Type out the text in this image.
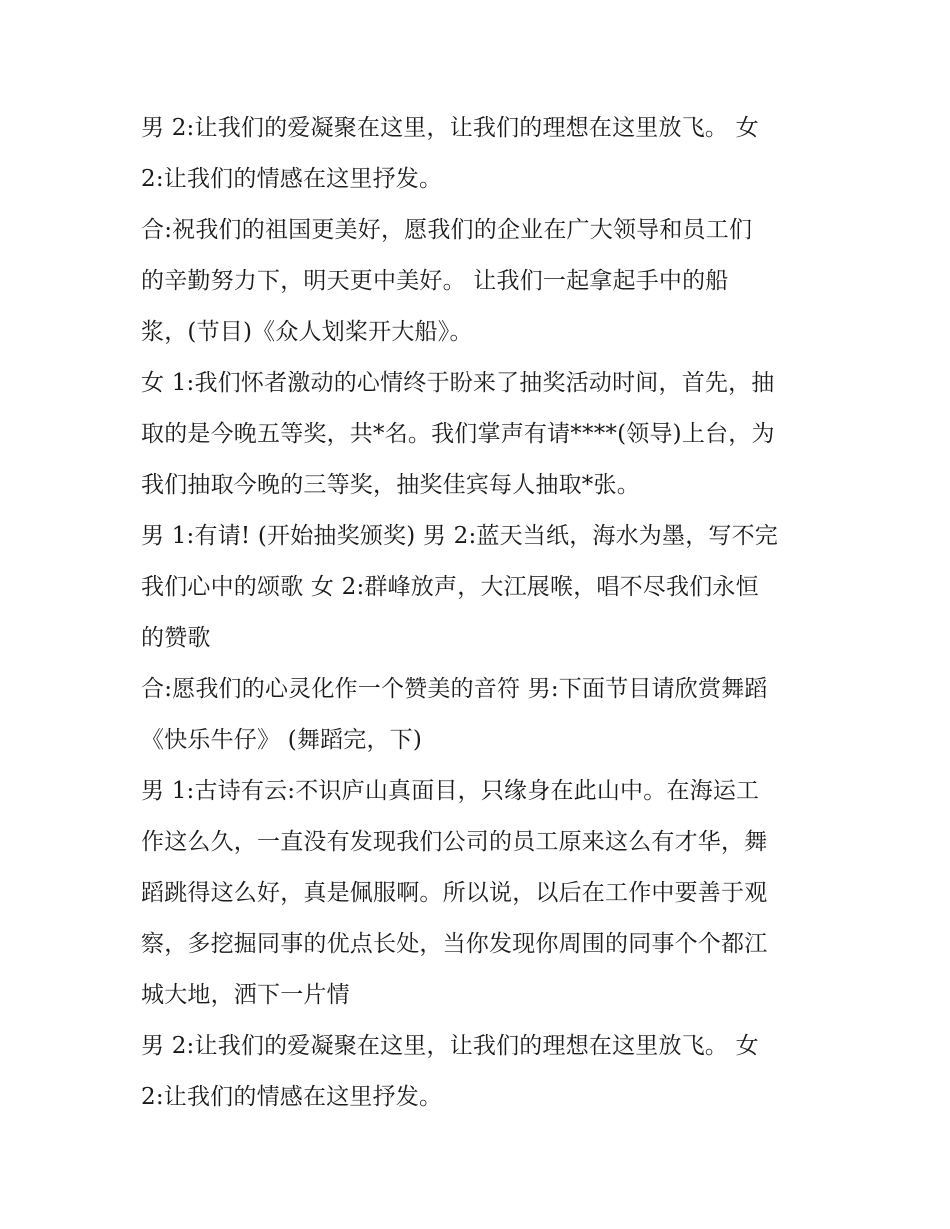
男 2:让我们的爱凝聚在这里，让我们的理想在这里放飞。 女
2:让我们的情感在这里抒发。
合:祝我们的祖国更美好，愿我们的企业在广大领导和员工们
的辛勤努力下，明天更中美好。 让我们一起拿起手中的船
浆，(节目)《众人划桨开大船》。
女 1:我们怀者激动的心情终于盼来了抽奖活动时间，首先，抽
取的是今晚五等奖，共*名。我们掌声有请****(领导)上台，为
我们抽取今晚的三等奖，抽奖佳宾每人抽取*张。
男 1:有请! (开始抽奖颁奖) 男 2:蓝天当纸，海水为墨，写不完
我们心中的颂歌 女 2:群峰放声，大江展喉，唱不尽我们永恒
的赞歌
合:愿我们的心灵化作一个赞美的音符 男:下面节目请欣赏舞蹈
《快乐牛仔》 (舞蹈完，下)
男 1:古诗有云:不识庐山真面目，只缘身在此山中。在海运工
作这么久，一直没有发现我们公司的员工原来这么有才华，舞
蹈跳得这么好，真是佩服啊。所以说，以后在工作中要善于观
察，多挖掘同事的优点长处，当你发现你周围的同事个个都江
城大地，洒下一片情
男 2:让我们的爱凝聚在这里，让我们的理想在这里放飞。 女
2:让我们的情感在这里抒发。
